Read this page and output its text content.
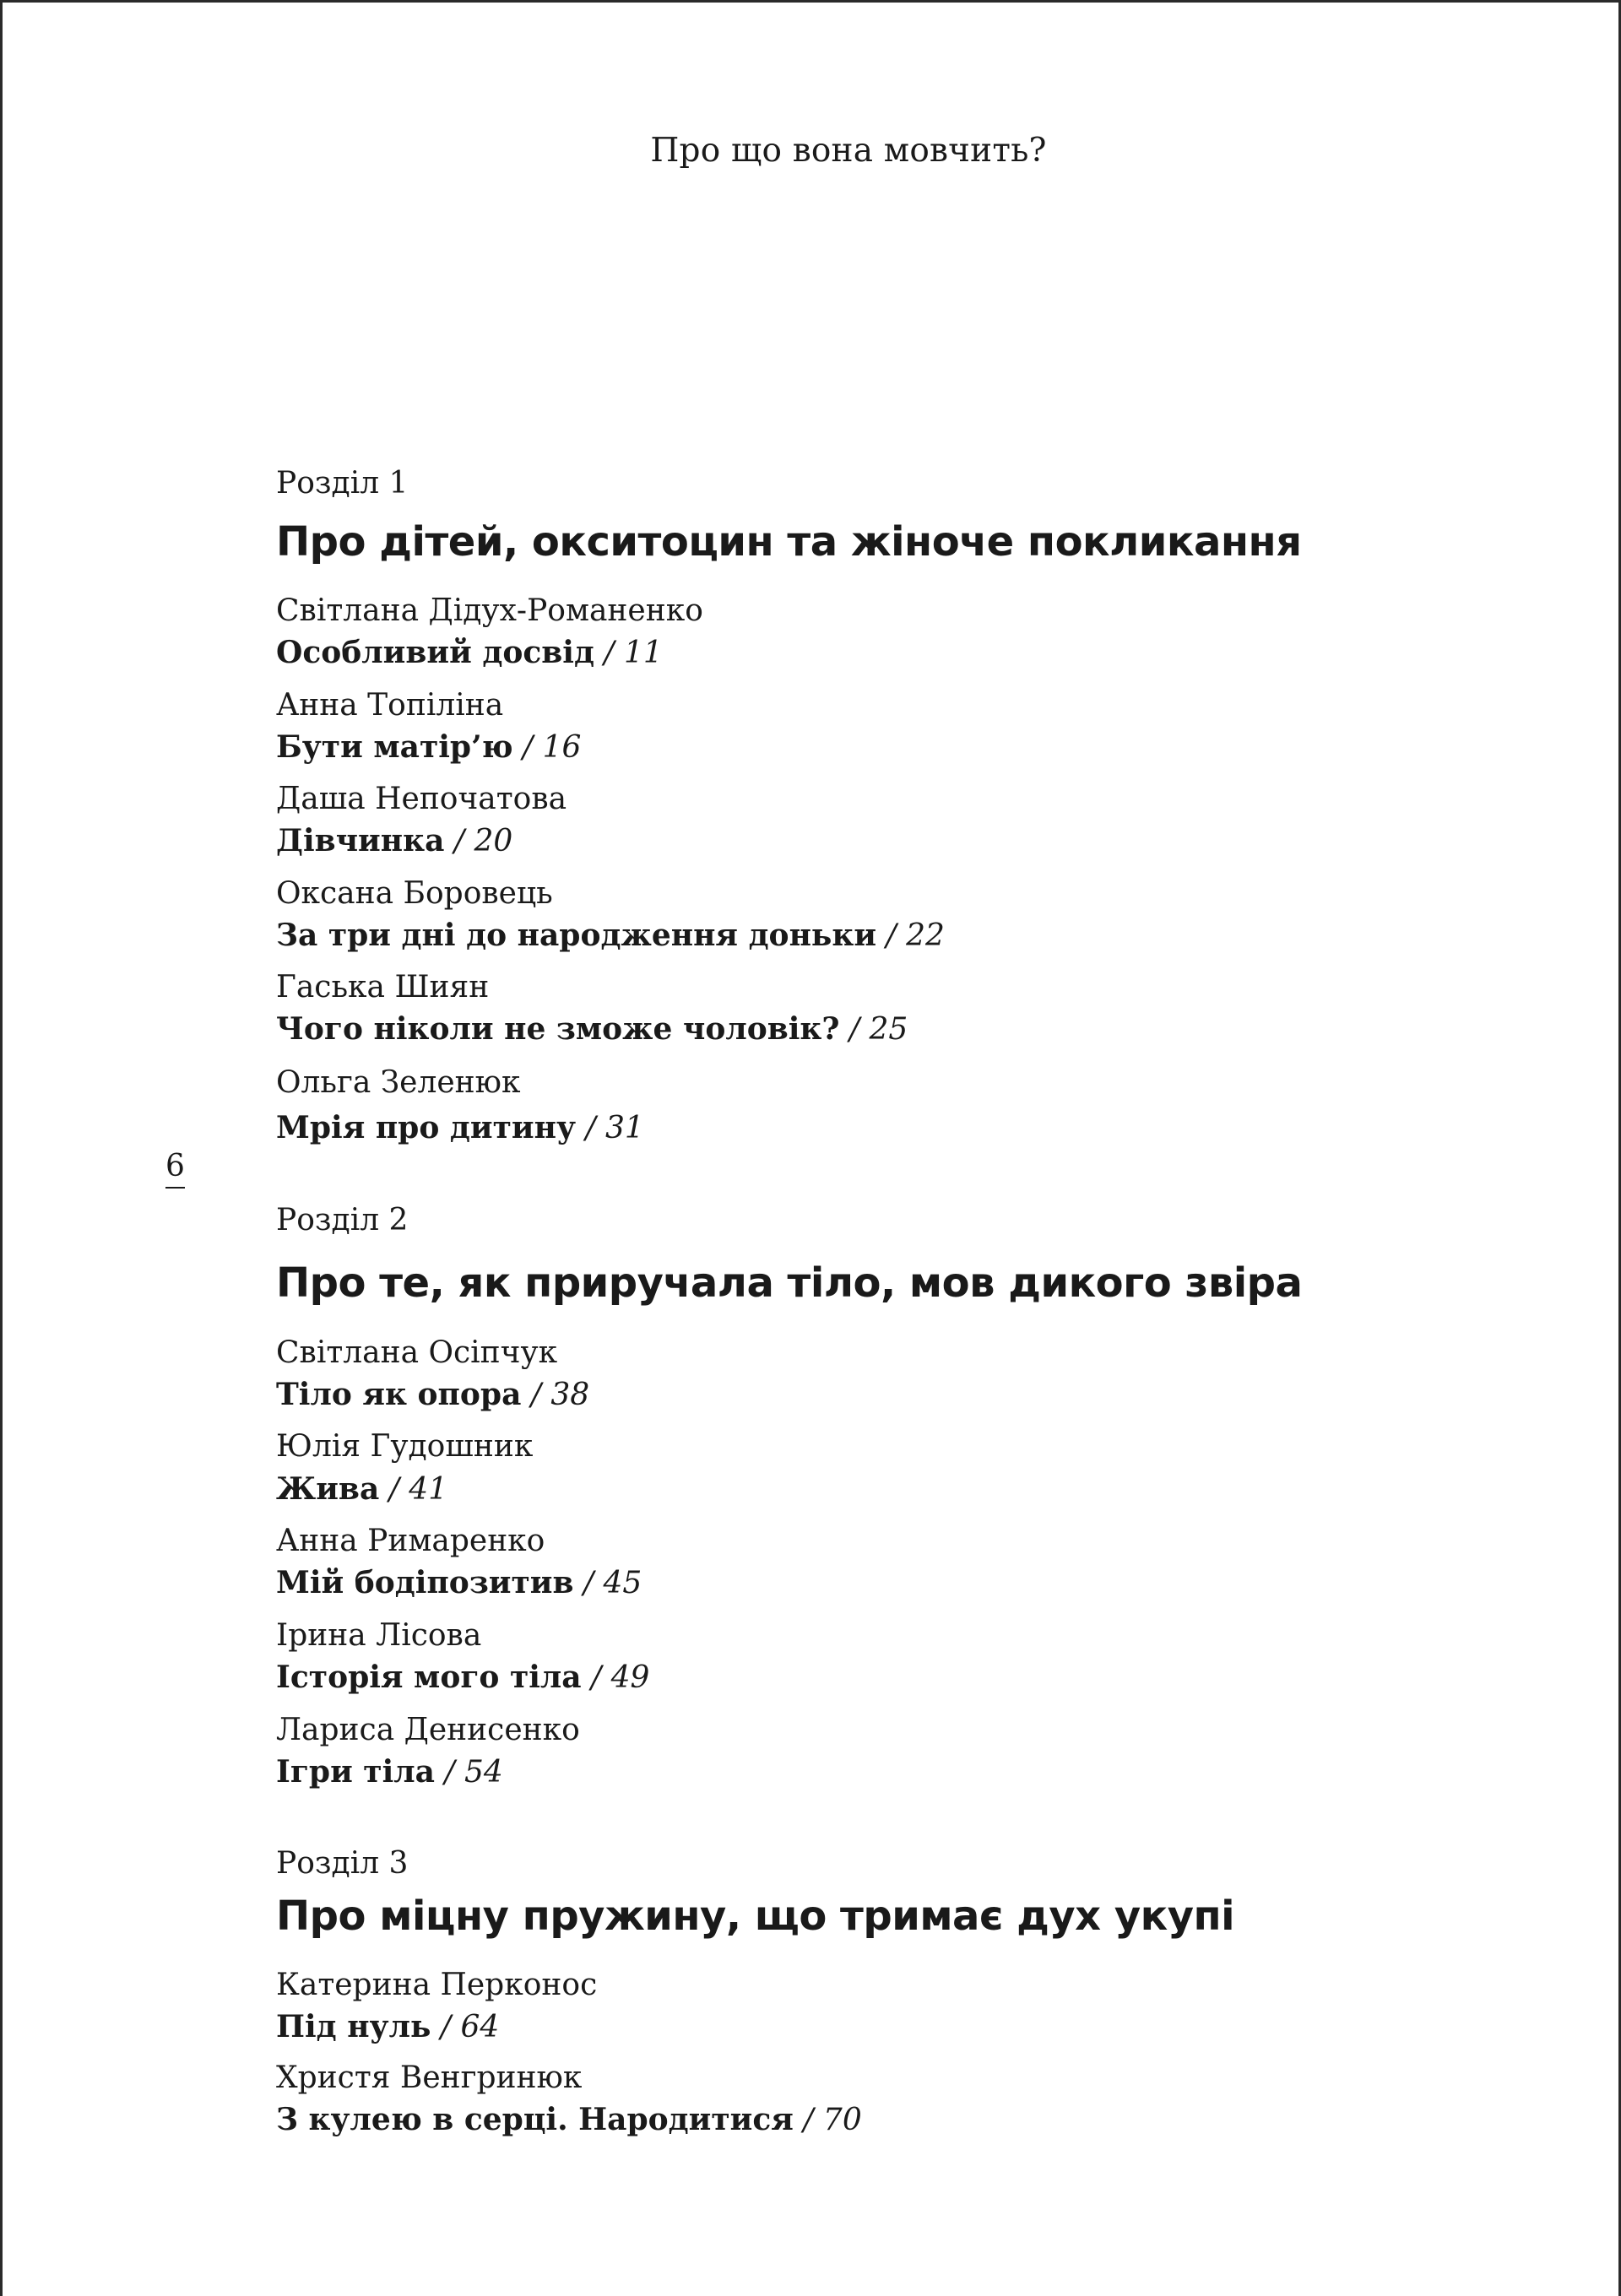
Про що вона мовчить?
6
Розділ 1
Про дітей, окситоцин та жіноче покликання
Світлана Дідух-Романенко
Особливий досвід / 11
Анна Топіліна
Бути матір’ю / 16
Даша Непочатова
Дівчинка / 20
Оксана Боровець
За три дні до народження доньки / 22
Гаська Шиян
Чого ніколи не зможе чоловік? / 25
Ольга Зеленюк
Мрія про дитину / 31
Розділ 2
Про те, як приручала тіло, мов дикого звіра
Світлана Осіпчук
Тіло як опора / 38
Юлія Гудошник
Жива / 41
Анна Римаренко
Мій бодіпозитив / 45
Ірина Лісова
Історія мого тіла / 49
Лариса Денисенко
Ігри тіла / 54
Розділ 3
Про міцну пружину, що тримає дух укупі
Катерина Перконос
Під нуль / 64
Христя Венгринюк
З кулею в серці. Народитися / 70
